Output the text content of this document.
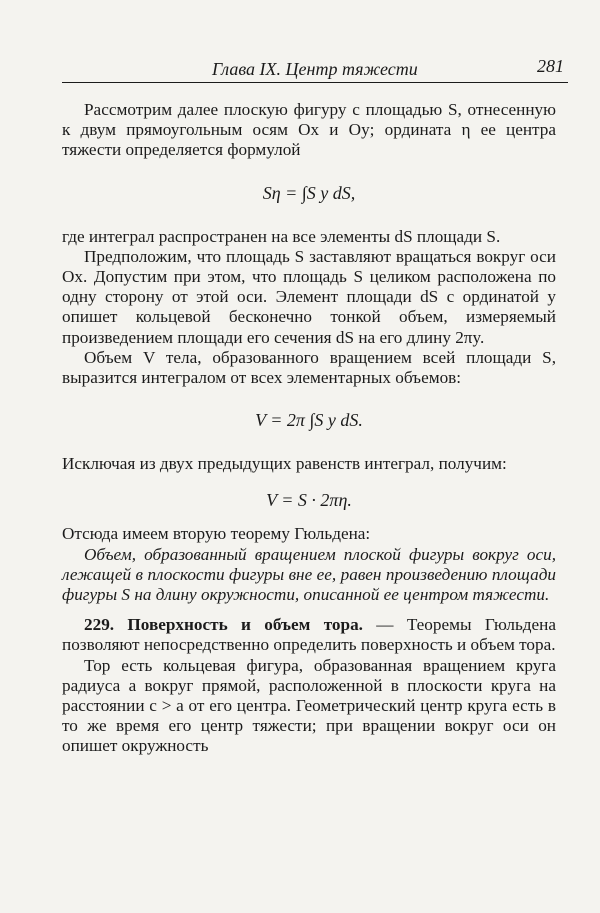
Глава IX. Центр тяжести	281

Рассмотрим далее плоскую фигуру с площадью S, отнесенную к двум прямоугольным осям Ox и Oy; ордината η ее центра тяжести определяется формулой

Sη = ∫S y dS,

где интеграл распространен на все элементы dS площади S.

Предположим, что площадь S заставляют вращаться вокруг оси Ox. Допустим при этом, что площадь S целиком расположена по одну сторону от этой оси. Элемент площади dS с ординатой y опишет кольцевой бесконечно тонкой объем, измеряемый произведением площади его сечения dS на его длину 2πy.

Объем V тела, образованного вращением всей площади S, выразится интегралом от всех элементарных объемов:

V = 2π ∫S y dS.

Исключая из двух предыдущих равенств интеграл, получим:

V = S · 2πη.

Отсюда имеем вторую теорему Гюльдена:

Объем, образованный вращением плоской фигуры вокруг оси, лежащей в плоскости фигуры вне ее, равен произведению площади фигуры S на длину окружности, описанной ее центром тяжести.

229. Поверхность и объем тора. — Теоремы Гюльдена позволяют непосредственно определить поверхность и объем тора.

Тор есть кольцевая фигура, образованная вращением круга радиуса a вокруг прямой, расположенной в плоскости круга на расстоянии c > a от его центра. Геометрический центр круга есть в то же время его центр тяжести; при вращении вокруг оси он опишет окружность
